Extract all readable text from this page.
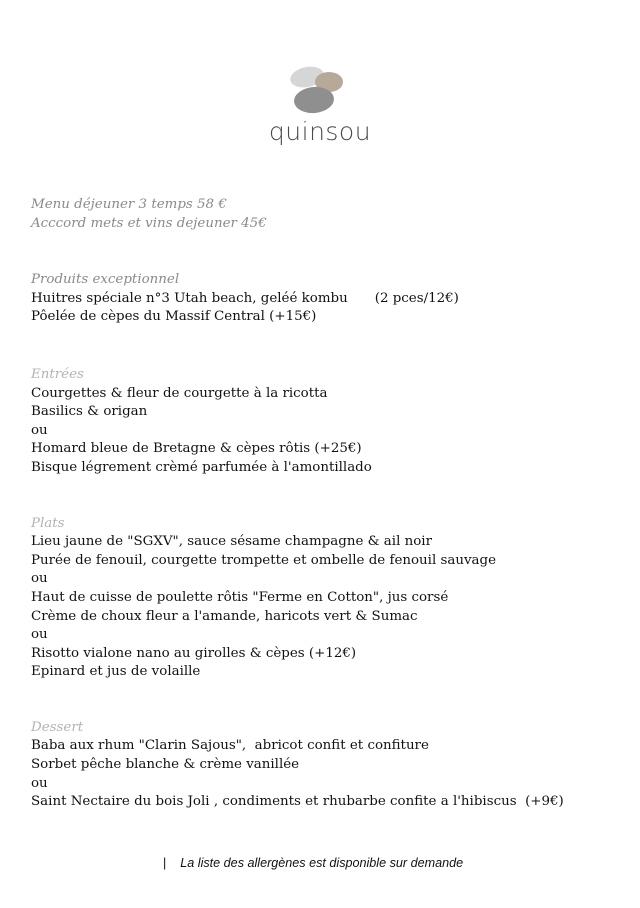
quinsou
Menu déjeuner 3 temps 58 €
Acccord mets et vins dejeuner 45€
Produits exceptionnel
Huitres spéciale n°3 Utah beach, geléé kombu (2 pces/12€)
Pôelée de cèpes du Massif Central (+15€)
Entrées
Courgettes & fleur de courgette à la ricotta
Basilics & origan
ou
Homard bleue de Bretagne & cèpes rôtis (+25€)
Bisque légrement crèmé parfumée à l'amontillado
Plats
Lieu jaune de "SGXV", sauce sésame champagne & ail noir
Purée de fenouil, courgette trompette et ombelle de fenouil sauvage
ou
Haut de cuisse de poulette rôtis "Ferme en Cotton", jus corsé
Crème de choux fleur a l'amande, haricots vert & Sumac
ou
Risotto vialone nano au girolles & cèpes (+12€)
Epinard et jus de volaille
Dessert
Baba aux rhum "Clarin Sajous",  abricot confit et confiture
Sorbet pêche blanche & crème vanillée
ou
Saint Nectaire du bois Joli , condiments et rhubarbe confite a l'hibiscus  (+9€)
| La liste des allergènes est disponible sur demande
